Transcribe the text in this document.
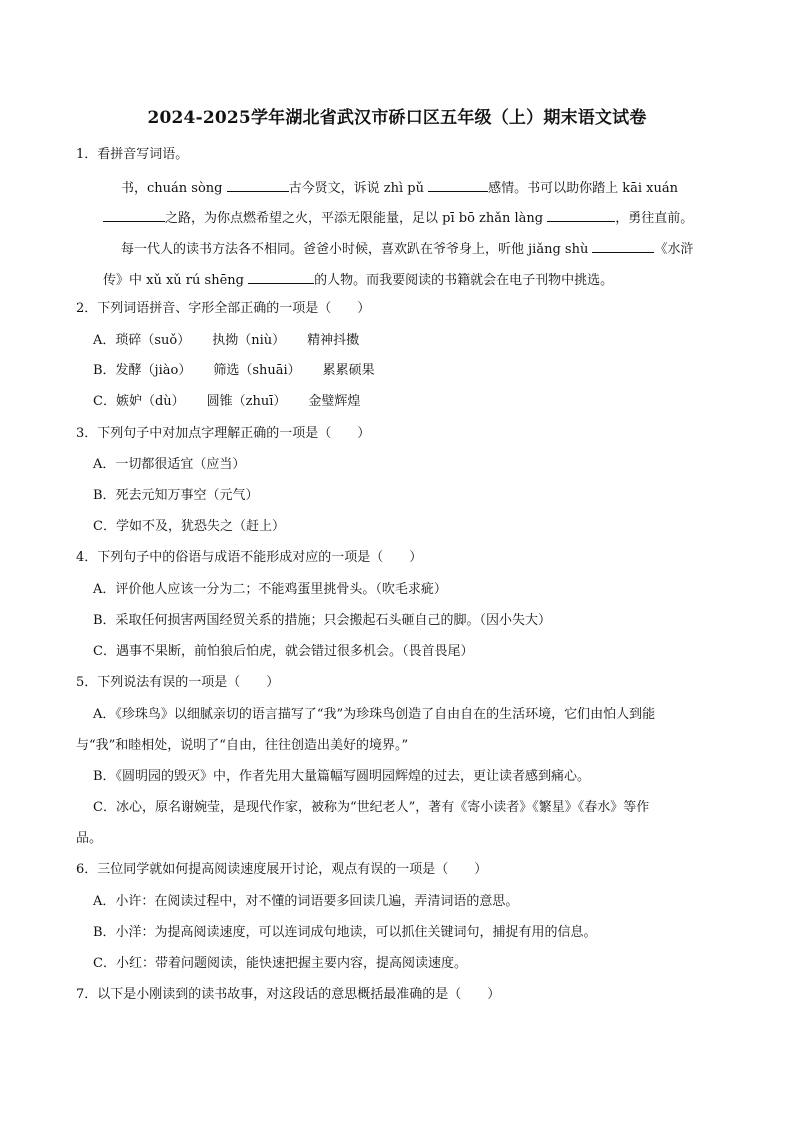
2024-2025学年湖北省武汉市硚口区五年级（上）期末语文试卷
1．看拼音写词语。
书，chuán sòng	古今贤文，诉说 zhì pǔ	感情。书可以助你踏上 kāi xuán
之路，为你点燃希望之火，平添无限能量，足以 pī bō zhǎn làng	，勇往直前。
每一代人的读书方法各不相同。爸爸小时候，喜欢趴在爷爷身上，听他 jiǎng shù	《水浒
传》中 xǔ xǔ rú shēng	的人物。而我要阅读的书籍就会在电子刊物中挑选。
2．下列词语拼音、字形全部正确的一项是（　　）
A．琐碎（suǒ） 执拗（niù） 精神抖擞
B．发酵（jiào） 筛选（shuāi） 累累硕果
C．嫉妒（dù） 圆锥（zhuī） 金璧辉煌
3．下列句子中对加点字理解正确的一项是（　　）
A．一切都很适宜（应当）
B．死去元知万事空（元气）
C．学如不及，犹恐失之（赶上）
4．下列句子中的俗语与成语不能形成对应的一项是（　　）
A．评价他人应该一分为二；不能鸡蛋里挑骨头。（吹毛求疵）
B．采取任何损害两国经贸关系的措施；只会搬起石头砸自己的脚。（因小失大）
C．遇事不果断，前怕狼后怕虎，就会错过很多机会。（畏首畏尾）
5．下列说法有误的一项是（　　）
A．《珍珠鸟》以细腻亲切的语言描写了“我”为珍珠鸟创造了自由自在的生活环境，它们由怕人到能
与“我”和睦相处，说明了“自由，往往创造出美好的境界。”
B．《圆明园的毁灭》中，作者先用大量篇幅写圆明园辉煌的过去，更让读者感到痛心。
C．冰心，原名谢婉莹，是现代作家，被称为“世纪老人”，著有《寄小读者》《繁星》《春水》等作
品。
6．三位同学就如何提高阅读速度展开讨论，观点有误的一项是（　　）
A．小许：在阅读过程中，对不懂的词语要多回读几遍，弄清词语的意思。
B．小洋：为提高阅读速度，可以连词成句地读，可以抓住关键词句，捕捉有用的信息。
C．小红：带着问题阅读，能快速把握主要内容，提高阅读速度。
7．以下是小刚读到的读书故事，对这段话的意思概括最准确的是（　　）
